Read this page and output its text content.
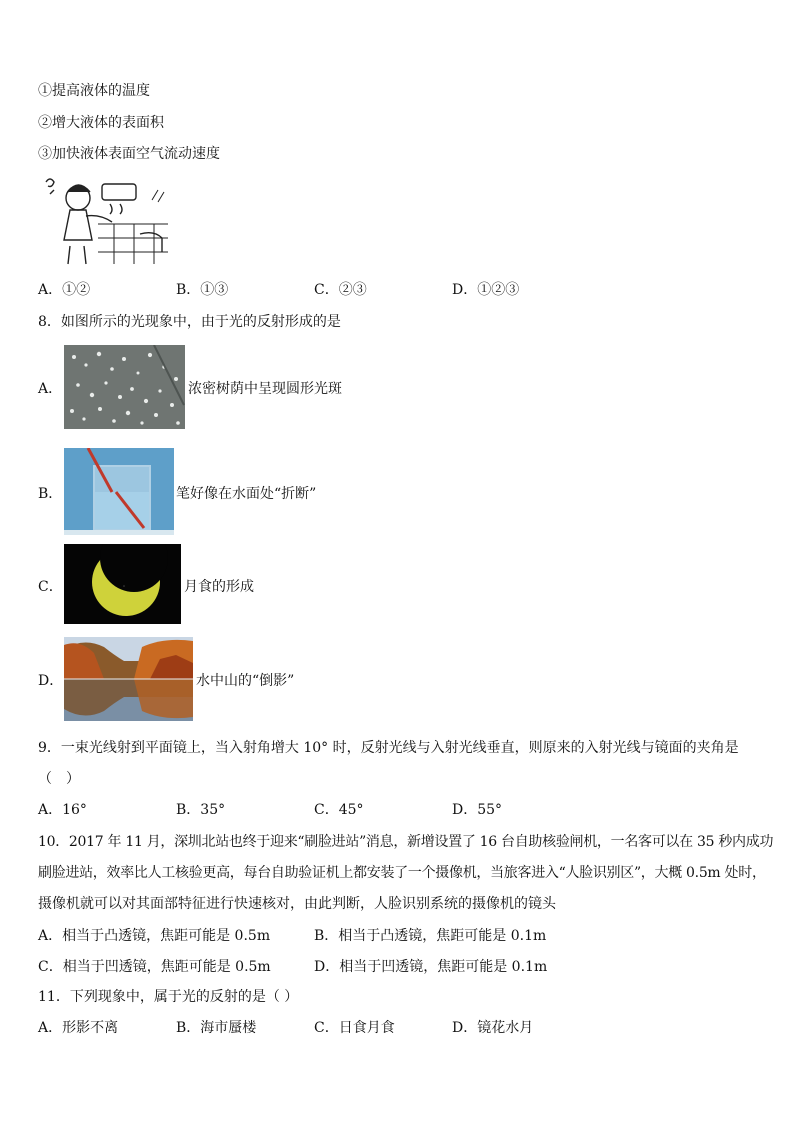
①提高液体的温度
②增大液体的表面积
③加快液体表面空气流动速度
A．①②	B．①③	C．②③	D．①②③
8．如图所示的光现象中，由于光的反射形成的是
A．	浓密树荫中呈现圆形光斑
B．	笔好像在水面处“折断”
C．	月食的形成
D．	水中山的“倒影”
9．一束光线射到平面镜上，当入射角增大 10° 时，反射光线与入射光线垂直，则原来的入射光线与镜面的夹角是
（　）
A．16°	B．35°	C．45°	D．55°
10．2017 年 11 月，深圳北站也终于迎来“刷脸进站”消息，新增设置了 16 台自助核验闸机，一名客可以在 35 秒内成功
刷脸进站，效率比人工核验更高，每台自助验证机上都安装了一个摄像机，当旅客进入“人脸识别区”，大概 0.5m 处时，
摄像机就可以对其面部特征进行快速核对，由此判断，人脸识别系统的摄像机的镜头
A．相当于凸透镜，焦距可能是 0.5m	B．相当于凸透镜，焦距可能是 0.1m
C．相当于凹透镜，焦距可能是 0.5m	D．相当于凹透镜，焦距可能是 0.1m
11．下列现象中，属于光的反射的是（ ）
A．形影不离	B．海市蜃楼	C．日食月食	D．镜花水月
